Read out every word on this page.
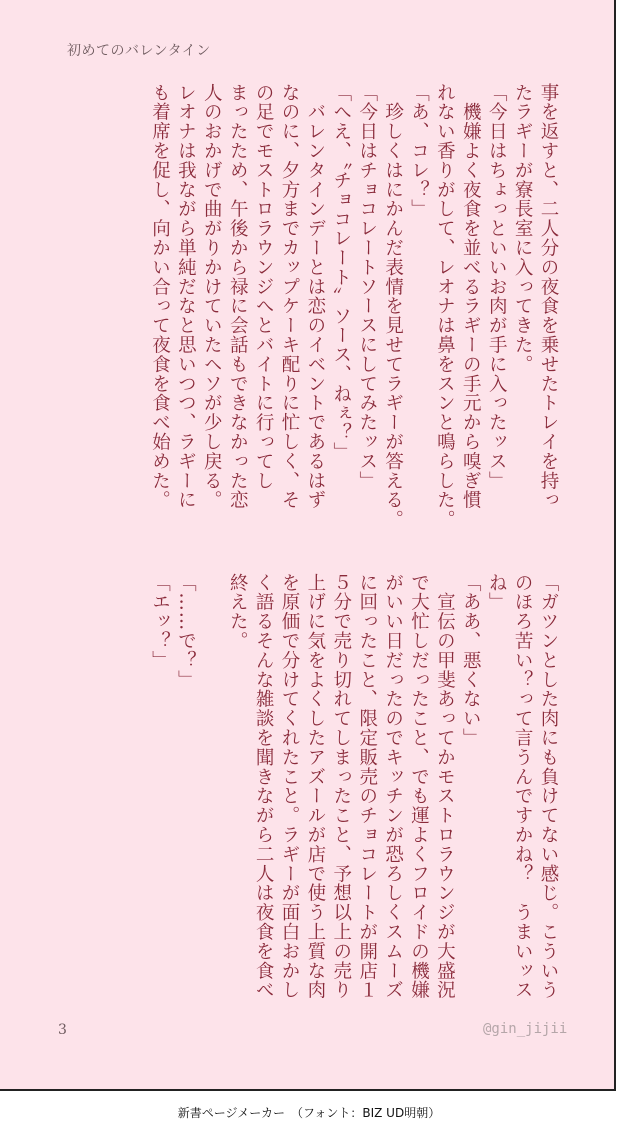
初めてのバレンタイン
事を返すと、二人分の夜食を乗せたトレイを持っ
たラギーが寮長室に入ってきた。
「今日はちょっといいお肉が手に入ったッス」
　機嫌よく夜食を並べるラギーの手元から嗅ぎ慣
れない香りがして、レオナは鼻をスンと鳴らした。
「あ、コレ？」
　珍しくはにかんだ表情を見せてラギーが答える。
「今日はチョコレートソースにしてみたッス」
「へえ、〝チョコレート〟ソース、ねぇ？」
　バレンタインデーとは恋のイベントであるはず
なのに、夕方までカップケーキ配りに忙しく、そ
の足でモストロラウンジへとバイトに行ってし
まったため、午後から禄に会話もできなかった恋
人のおかげで曲がりかけていたヘソが少し戻る。
レオナは我ながら単純だなと思いつつ、ラギーに
も着席を促し、向かい合って夜食を食べ始めた。
「ガツンとした肉にも負けてない感じ。こういう
のほろ苦い？って言うんですかね？　うまいッス
ね」
「ああ、悪くない」
　宣伝の甲斐あってかモストロラウンジが大盛況
で大忙しだったこと、でも運よくフロイドの機嫌
がいい日だったのでキッチンが恐ろしくスムーズ
に回ったこと、限定販売のチョコレートが開店１
５分で売り切れてしまったこと、予想以上の売り
上げに気をよくしたアズールが店で使う上質な肉
を原価で分けてくれたこと。ラギーが面白おかし
く語るそんな雑談を聞きながら二人は夜食を食べ
終えた。
「……で？」
「エッ？」
3	@gin_jijii
新書ページメーカー　（フォント：BIZ UD明朝）
